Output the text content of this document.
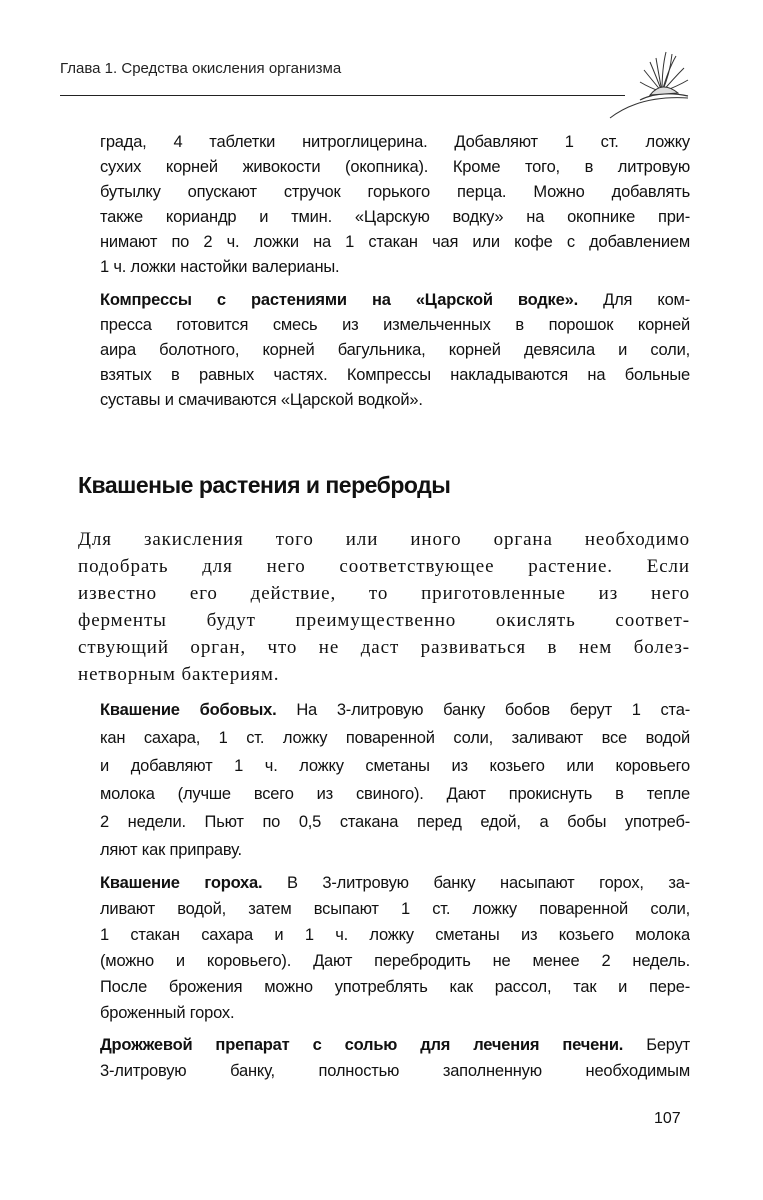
Глава 1. Средства окисления организма
града, 4 таблетки нитроглицерина. Добавляют 1 ст. ложку
сухих корней живокости (окопника). Кроме того, в литровую
бутылку опускают стручок горького перца. Можно добавлять
также кориандр и тмин. «Царскую водку» на окопнике при-
нимают по 2 ч. ложки на 1 стакан чая или кофе с добавлением
1 ч. ложки настойки валерианы.
Компрессы с растениями на «Царской водке». Для ком-
пресса готовится смесь из измельченных в порошок корней
аира болотного, корней багульника, корней девясила и соли,
взятых в равных частях. Компрессы накладываются на больные
суставы и смачиваются «Царской водкой».
Квашеные растения и переброды
Для закисления того или иного органа необходимо
подобрать для него соответствующее растение. Если
известно его действие, то приготовленные из него
ферменты будут преимущественно окислять соответ-
ствующий орган, что не даст развиваться в нем болез-
нетворным бактериям.
Квашение бобовых. На 3-литровую банку бобов берут 1 ста-
кан сахара, 1 ст. ложку поваренной соли, заливают все водой
и добавляют 1 ч. ложку сметаны из козьего или коровьего
молока (лучше всего из свиного). Дают прокиснуть в тепле
2 недели. Пьют по 0,5 стакана перед едой, а бобы употреб-
ляют как приправу.
Квашение гороха. В 3-литровую банку насыпают горох, за-
ливают водой, затем всыпают 1 ст. ложку поваренной соли,
1 стакан сахара и 1 ч. ложку сметаны из козьего молока
(можно и коровьего). Дают перебродить не менее 2 недель.
После брожения можно употреблять как рассол, так и пере-
броженный горох.
Дрожжевой препарат с солью для лечения печени. Берут
3-литровую банку, полностью заполненную необходимым
107
